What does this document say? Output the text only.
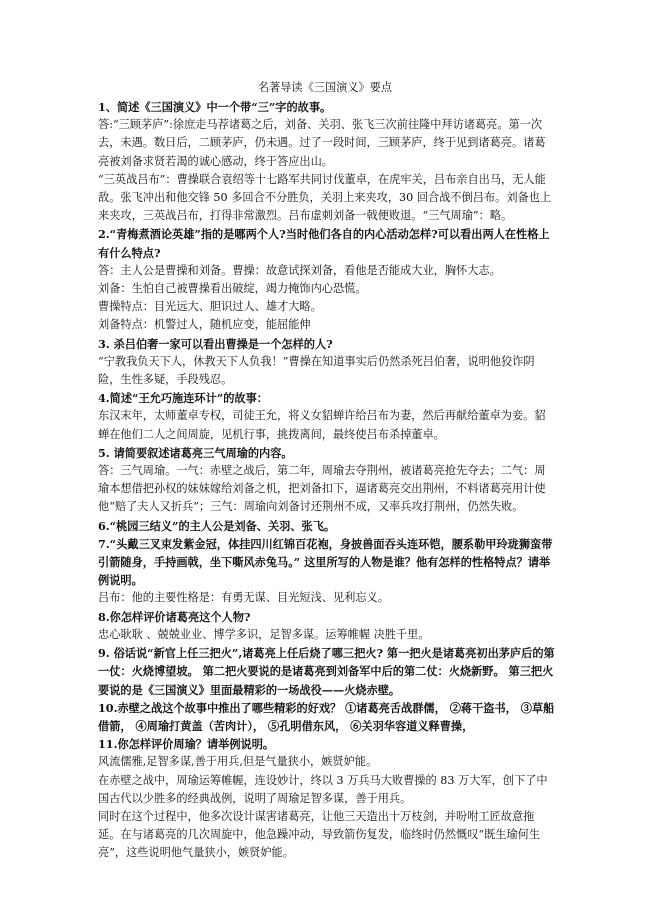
名著导读《三国演义》要点

1、简述《三国演义》中一个带“三”字的故事。

答:“三顾茅庐”:徐庶走马荐诸葛之后，刘备、关羽、张飞三次前往隆中拜访诸葛亮。第一次去，未遇。数日后，二顾茅庐，仍未遇。过了一段时间，三顾茅庐，终于见到诸葛亮。诸葛亮被刘备求贤若渴的诚心感动，终于答应出山。

“三英战吕布”：曹操联合袁绍等十七路军共同讨伐董卓，在虎牢关，吕布亲自出马，无人能敌。张飞冲出和他交锋 50 多回合不分胜负，关羽上来夹攻，30 回合战不倒吕布。刘备也上来夹攻，三英战吕布，打得非常激烈。吕布虚刺刘备一戟便败退。“三气周瑜”：略。

2.“青梅煮酒论英雄”指的是哪两个人?当时他们各自的内心活动怎样?可以看出两人在性格上有什么特点?

答：主人公是曹操和刘备。曹操：故意试探刘备，看他是否能成大业，胸怀大志。

刘备：生怕自己被曹操看出破绽，竭力掩饰内心恐慌。

曹操特点：目光远大、胆识过人、雄才大略。

刘备特点：机警过人，随机应变，能屈能伸

3. 杀吕伯奢一家可以看出曹操是一个怎样的人?

“宁教我负天下人，休教天下人负我！”曹操在知道事实后仍然杀死吕伯奢，说明他狡诈阴险，生性多疑，手段残忍。

4.简述“王允巧施连环计”的故事：

东汉末年，太师董卓专权，司徒王允，将义女貂蝉许给吕布为妻，然后再献给董卓为妾。貂蝉在他们二人之间周旋，见机行事，挑拨离间，最终使吕布杀掉董卓。

5. 请简要叙述诸葛亮三气周瑜的内容。

答：三气周瑜。一气：赤壁之战后，第二年，周瑜去夺荆州，被诸葛亮抢先夺去；二气：周瑜本想借把孙权的妹妹嫁给刘备之机，把刘备扣下，逼诸葛亮交出荆州，不料诸葛亮用计使他“赔了夫人又折兵”；三气：周瑜向刘备讨还荆州不成，又率兵攻打荆州，仍然失败。

6.“桃园三结义”的主人公是刘备、关羽、张飞。

7.“头戴三叉束发紫金冠，体挂四川红锦百花袍，身披兽面吞头连环铠，腰系勒甲玲珑狮蛮带 引箭随身，手持画戟，坐下嘶风赤兔马。” 这里所写的人物是谁？他有怎样的性格特点？请举例说明。

吕布：他的主要性格是：有勇无谋、目光短浅、见利忘义。

8.你怎样评价诸葛亮这个人物?

忠心耿耿 、兢兢业业、博学多识，足智多谋。运筹帷幄 决胜千里。

9. 俗话说“新官上任三把火”,诸葛亮上任后烧了哪三把火? 第一把火是诸葛亮初出茅庐后的第一仗：火烧博望坡。 第二把火要说的是诸葛亮到刘备军中后的第二仗：火烧新野。 第三把火要说的是《三国演义》里面最精彩的一场战役——火烧赤壁。

10.赤壁之战这个故事中推出了哪些精彩的好戏？ ①诸葛亮舌战群儒， ②蒋干盗书， ③草船借箭， ④周瑜打黄盖（苦肉计）， ⑤孔明借东风， ⑥关羽华容道义释曹操，

11.你怎样评价周瑜？请举例说明。

风流儒雅,足智多谋,善于用兵,但是气量狭小，嫉贤妒能。

在赤壁之战中，周瑜运筹帷幄，连设妙计，终以 3 万兵马大败曹操的 83 万大军，创下了中国古代以少胜多的经典战例，说明了周瑜足智多谋，善于用兵。

同时在这个过程中，他多次设计谋害诸葛亮，让他三天造出十万枝剑，并吩咐工匠故意拖延。在与诸葛亮的几次周旋中，他急躁冲动，导致箭伤复发，临终时仍然慨叹“既生瑜何生亮”，这些说明他气量狭小，嫉贤妒能。
